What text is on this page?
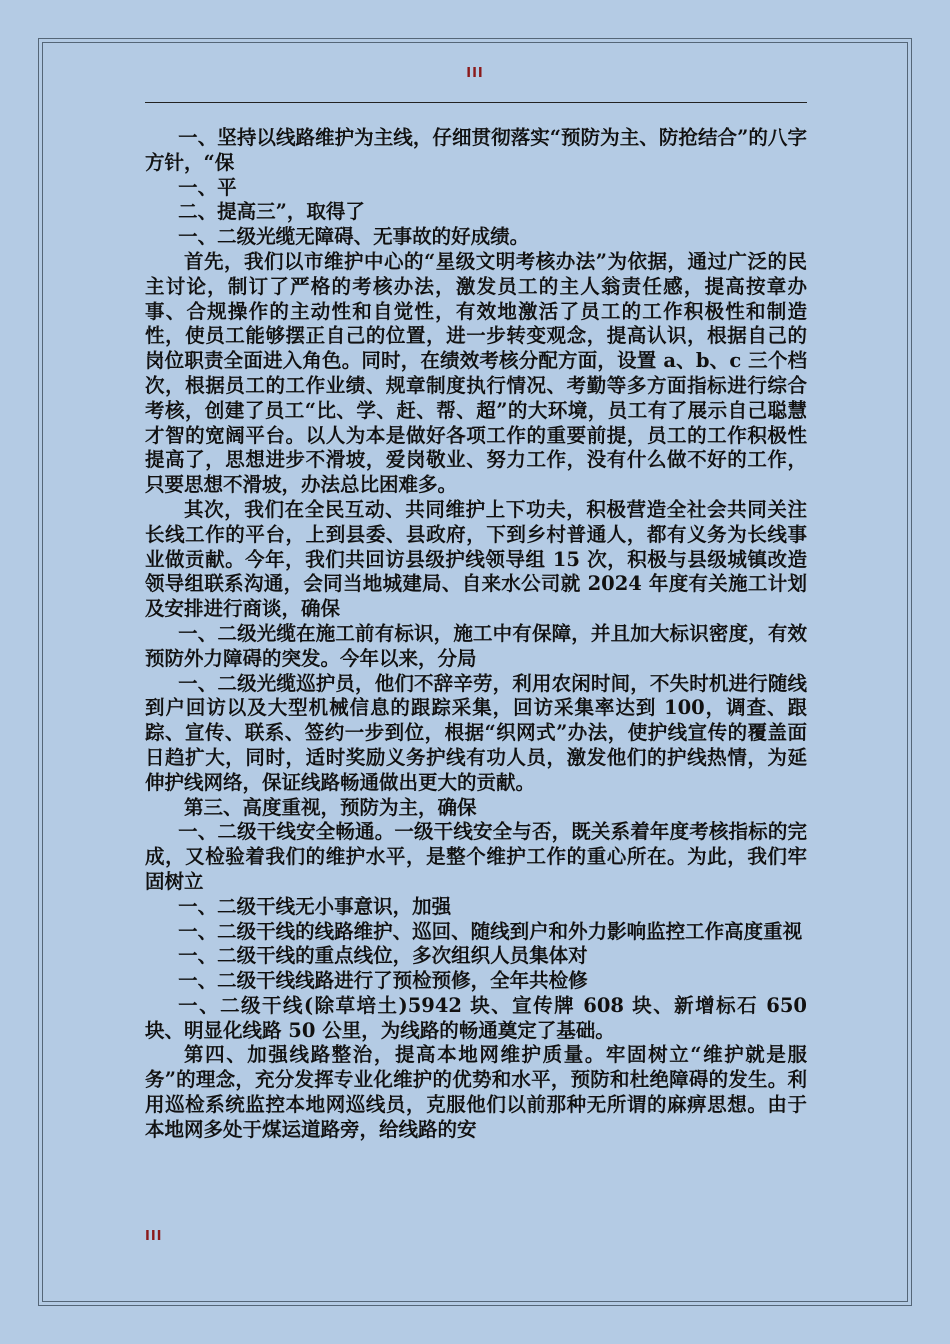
III

一、坚持以线路维护为主线，仔细贯彻落实“预防为主、防抢结合”的八字方针，“保

一、平

二、提高三”，取得了

一、二级光缆无障碍、无事故的好成绩。

首先，我们以市维护中心的“星级文明考核办法”为依据，通过广泛的民主讨论，制订了严格的考核办法，激发员工的主人翁责任感，提高按章办事、合规操作的主动性和自觉性，有效地激活了员工的工作积极性和制造性，使员工能够摆正自己的位置，进一步转变观念，提高认识，根据自己的岗位职责全面进入角色。同时，在绩效考核分配方面，设置 a、b、c 三个档次，根据员工的工作业绩、规章制度执行情况、考勤等多方面指标进行综合考核，创建了员工“比、学、赶、帮、超”的大环境，员工有了展示自己聪慧才智的宽阔平台。以人为本是做好各项工作的重要前提，员工的工作积极性提高了，思想进步不滑坡，爱岗敬业、努力工作，没有什么做不好的工作，只要思想不滑坡，办法总比困难多。

其次，我们在全民互动、共同维护上下功夫，积极营造全社会共同关注长线工作的平台，上到县委、县政府，下到乡村普通人，都有义务为长线事业做贡献。今年，我们共回访县级护线领导组 15 次，积极与县级城镇改造领导组联系沟通，会同当地城建局、自来水公司就 2024 年度有关施工计划及安排进行商谈，确保

一、二级光缆在施工前有标识，施工中有保障，并且加大标识密度，有效预防外力障碍的突发。今年以来，分局

一、二级光缆巡护员，他们不辞辛劳，利用农闲时间，不失时机进行随线到户回访以及大型机械信息的跟踪采集，回访采集率达到 100，调查、跟踪、宣传、联系、签约一步到位，根据“织网式”办法，使护线宣传的覆盖面日趋扩大，同时，适时奖励义务护线有功人员，激发他们的护线热情，为延伸护线网络，保证线路畅通做出更大的贡献。

第三、高度重视，预防为主，确保

一、二级干线安全畅通。一级干线安全与否，既关系着年度考核指标的完成，又检验着我们的维护水平，是整个维护工作的重心所在。为此，我们牢固树立

一、二级干线无小事意识，加强

一、二级干线的线路维护、巡回、随线到户和外力影响监控工作高度重视

一、二级干线的重点线位，多次组织人员集体对

一、二级干线线路进行了预检预修，全年共检修

一、二级干线(除草培土)5942 块、宣传牌 608 块、新增标石 650 块、明显化线路 50 公里，为线路的畅通奠定了基础。

第四、加强线路整治，提高本地网维护质量。牢固树立“维护就是服务”的理念，充分发挥专业化维护的优势和水平，预防和杜绝障碍的发生。利用巡检系统监控本地网巡线员，克服他们以前那种无所谓的麻痹思想。由于本地网多处于煤运道路旁，给线路的安

III
